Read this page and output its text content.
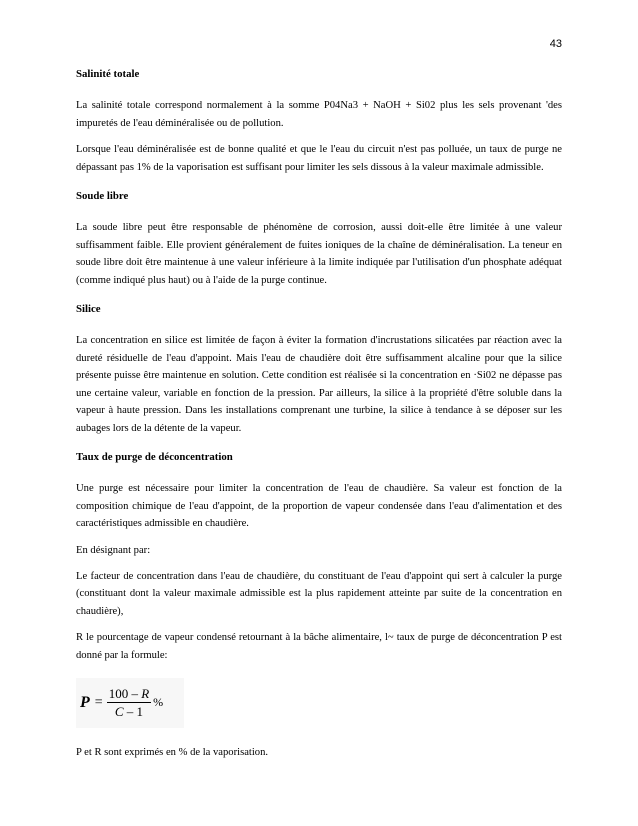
43
Salinité totale

La salinité totale correspond normalement à la somme P04Na3 + NaOH + Si02 plus les sels provenant 'des impuretés de l'eau déminéralisée ou de pollution.

Lorsque l'eau déminéralisée est de bonne qualité et que le l'eau du circuit n'est pas polluée, un taux de purge ne dépassant pas 1% de la vaporisation est suffisant pour limiter les sels dissous à la valeur maximale admissible.

Soude libre

La soude libre peut être responsable de phénomène de corrosion, aussi doit-elle être limitée à une valeur suffisamment faible. Elle provient généralement de fuites ioniques de la chaîne de déminéralisation. La teneur en soude libre doit être maintenue à une valeur inférieure à la limite indiquée par l'utilisation d'un phosphate adéquat (comme indiqué plus haut) ou à l'aide de la purge continue.

Silice

La concentration en silice est limitée de façon à éviter la formation d'incrustations silicatées par réaction avec la dureté résiduelle de l'eau d'appoint. Mais l'eau de chaudière doit être suffisamment alcaline pour que la silice présente puisse être maintenue en solution. Cette condition est réalisée si la concentration en ·Si02 ne dépasse pas une certaine valeur, variable en fonction de la pression. Par ailleurs, la silice à la propriété d'être soluble dans la vapeur à haute pression. Dans les installations comprenant une turbine, la silice à tendance à se déposer sur les aubages lors de la détente de la vapeur.

Taux de purge de déconcentration

Une purge est nécessaire pour limiter la concentration de l'eau de chaudière. Sa valeur est fonction de la composition chimique de l'eau d'appoint, de la proportion de vapeur condensée dans l'eau d'alimentation et des caractéristiques admissible en chaudière.

En désignant par:

Le facteur de concentration dans l'eau de chaudière, du constituant de l'eau d'appoint qui sert à calculer la purge (constituant dont la valeur maximale admissible est la plus rapidement atteinte par suite de la concentration en chaudière),

R le pourcentage de vapeur condensé retournant à la bâche alimentaire, l~ taux de purge de déconcentration P est donné par la formule:

$P = \frac{100 - R}{C - 1}$ %

P et R sont exprimés en % de la vaporisation.
